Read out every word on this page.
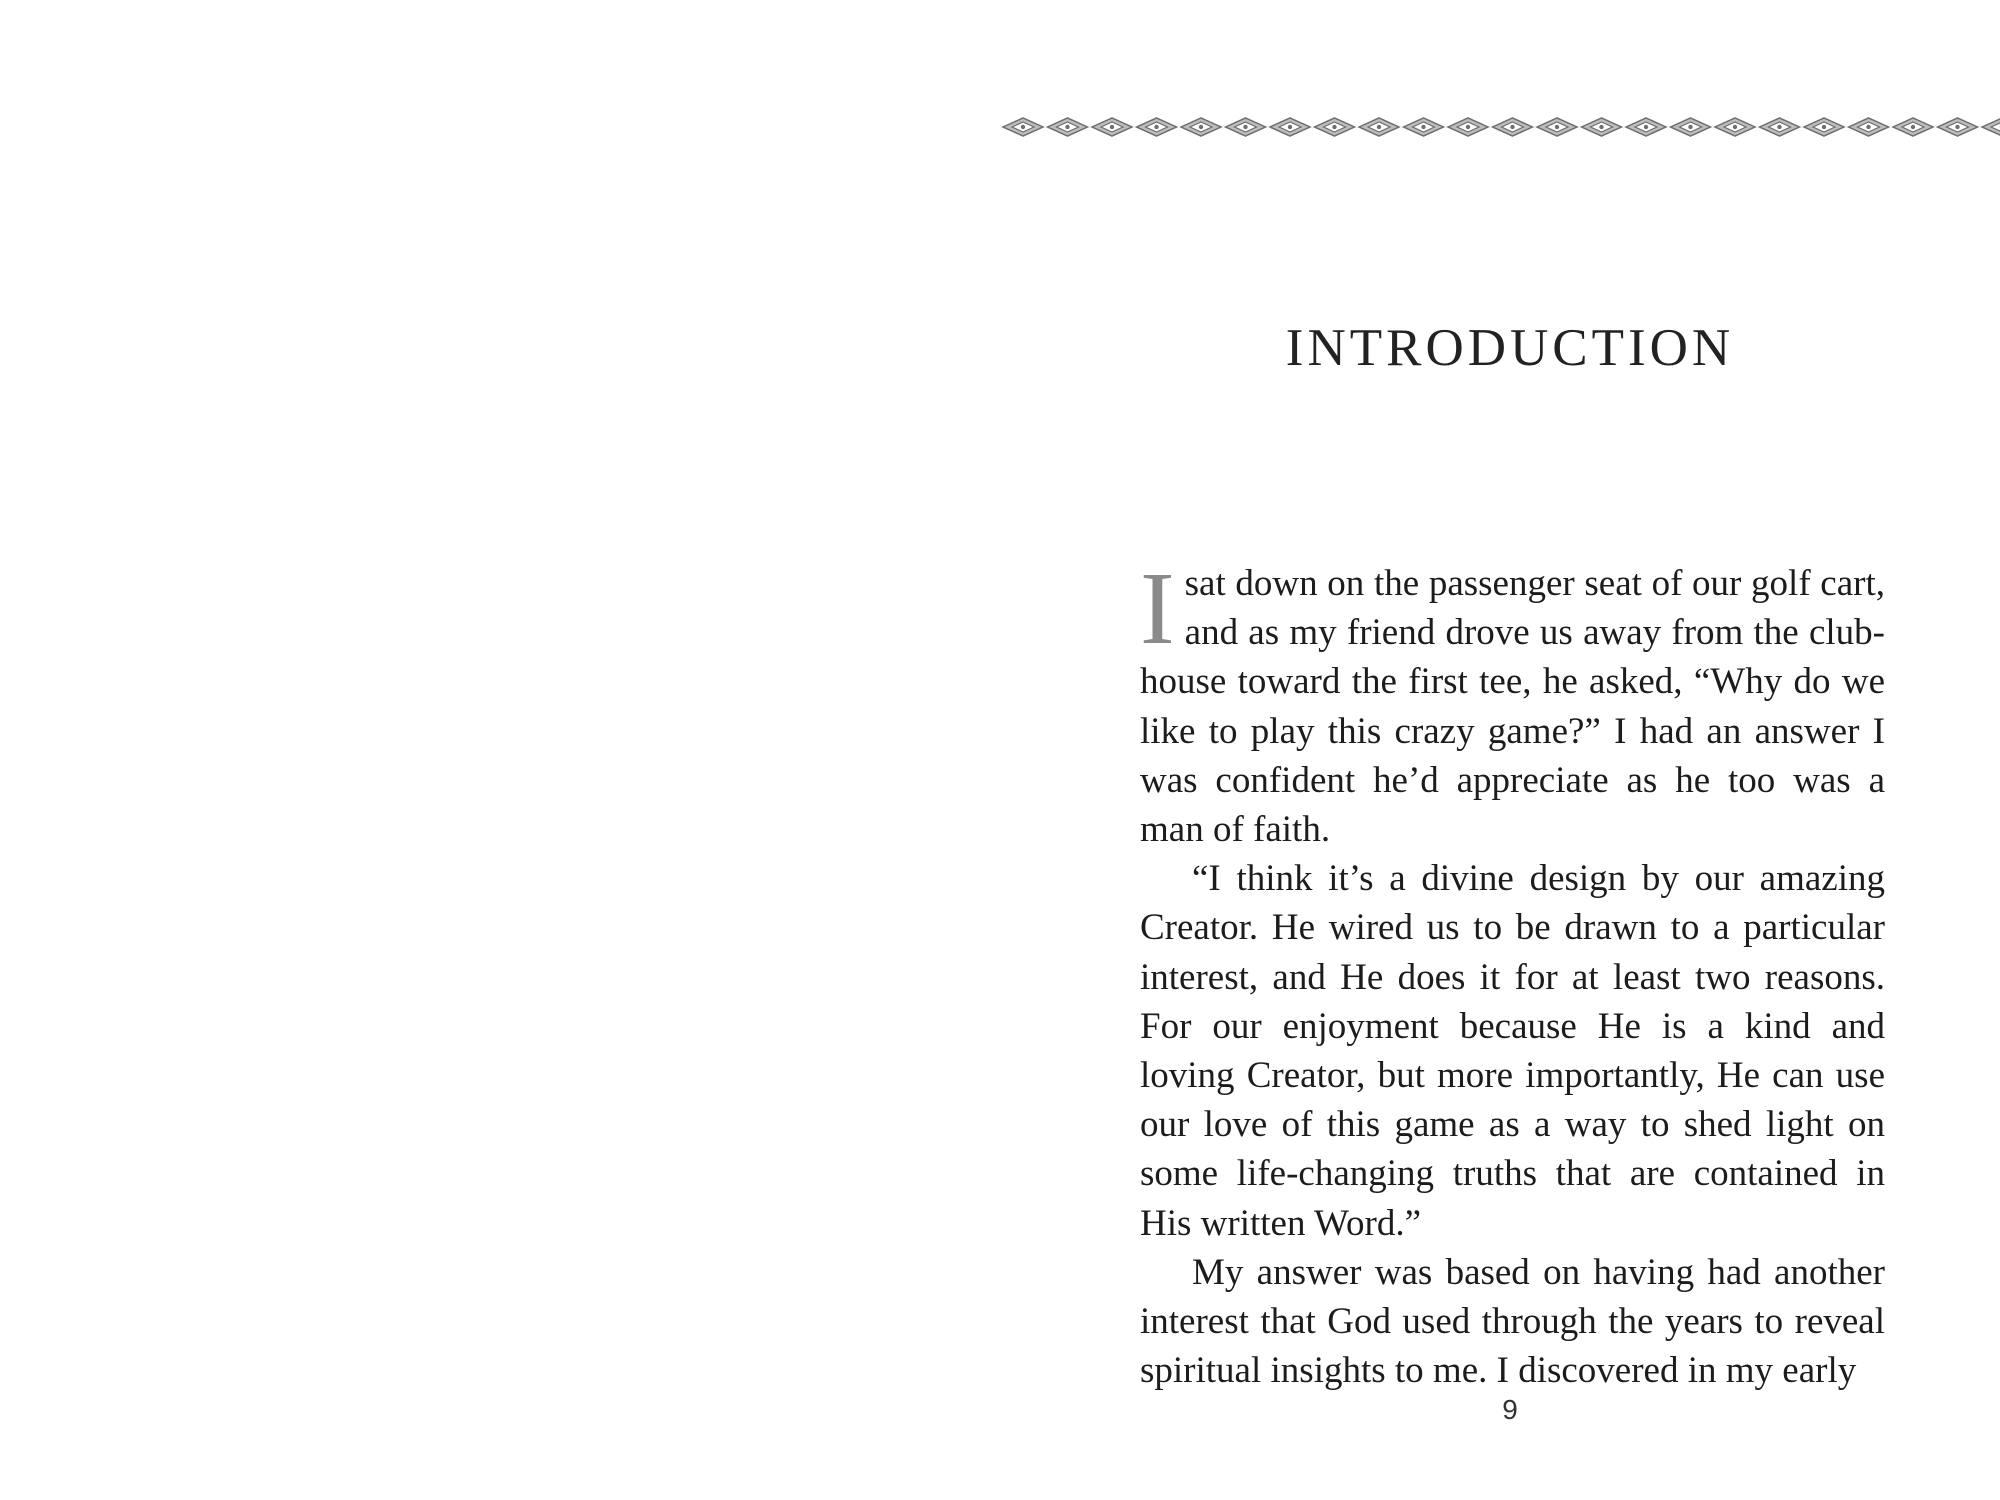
INTRODUCTION

I sat down on the passenger seat of our golf cart, and as my friend drove us away from the clubhouse toward the first tee, he asked, “Why do we like to play this crazy game?” I had an answer I was confident he’d appreciate as he too was a man of faith.

“I think it’s a divine design by our amazing Creator. He wired us to be drawn to a particular interest, and He does it for at least two reasons. For our enjoyment because He is a kind and loving Creator, but more importantly, He can use our love of this game as a way to shed light on some life-changing truths that are contained in His written Word.”

My answer was based on having had another interest that God used through the years to reveal spiritual insights to me. I discovered in my early

9
